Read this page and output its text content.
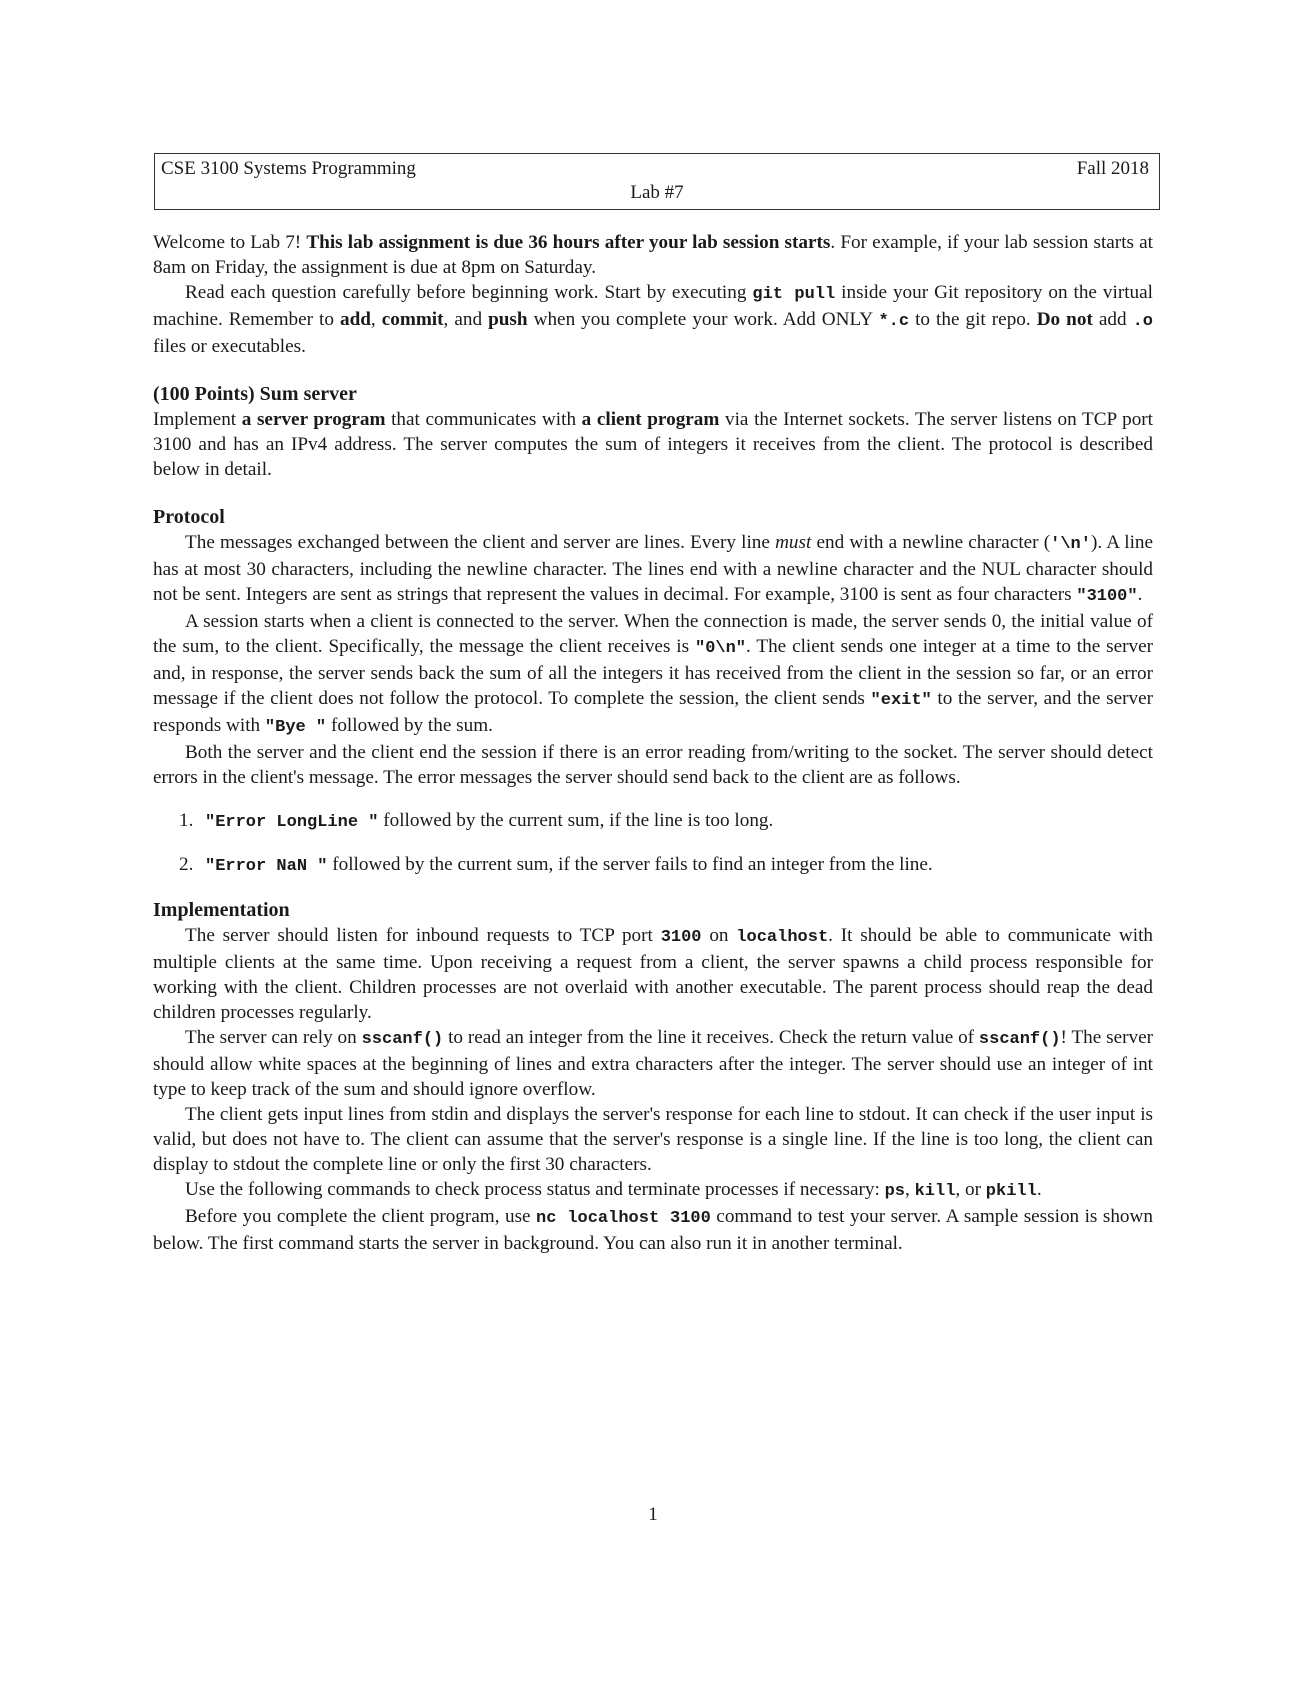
CSE 3100 Systems Programming	Fall 2018
Lab #7

Welcome to Lab 7! This lab assignment is due 36 hours after your lab session starts. For example, if your lab session starts at 8am on Friday, the assignment is due at 8pm on Saturday.

Read each question carefully before beginning work. Start by executing git pull inside your Git repository on the virtual machine. Remember to add, commit, and push when you complete your work. Add ONLY *.c to the git repo. Do not add .o files or executables.

(100 Points) Sum server

Implement a server program that communicates with a client program via the Internet sockets. The server listens on TCP port 3100 and has an IPv4 address. The server computes the sum of integers it receives from the client. The protocol is described below in detail.

Protocol

The messages exchanged between the client and server are lines. Every line must end with a newline character ('\n'). A line has at most 30 characters, including the newline character. The lines end with a newline character and the NUL character should not be sent. Integers are sent as strings that represent the values in decimal. For example, 3100 is sent as four characters "3100".

A session starts when a client is connected to the server. When the connection is made, the server sends 0, the initial value of the sum, to the client. Specifically, the message the client receives is "0\n". The client sends one integer at a time to the server and, in response, the server sends back the sum of all the integers it has received from the client in the session so far, or an error message if the client does not follow the protocol. To complete the session, the client sends "exit" to the server, and the server responds with "Bye " followed by the sum.

Both the server and the client end the session if there is an error reading from/writing to the socket. The server should detect errors in the client's message. The error messages the server should send back to the client are as follows.

1. "Error LongLine " followed by the current sum, if the line is too long.
2. "Error NaN " followed by the current sum, if the server fails to find an integer from the line.
Implementation

The server should listen for inbound requests to TCP port 3100 on localhost. It should be able to communicate with multiple clients at the same time. Upon receiving a request from a client, the server spawns a child process responsible for working with the client. Children processes are not overlaid with another executable. The parent process should reap the dead children processes regularly.

The server can rely on sscanf() to read an integer from the line it receives. Check the return value of sscanf()! The server should allow white spaces at the beginning of lines and extra characters after the integer. The server should use an integer of int type to keep track of the sum and should ignore overflow.

The client gets input lines from stdin and displays the server's response for each line to stdout. It can check if the user input is valid, but does not have to. The client can assume that the server's response is a single line. If the line is too long, the client can display to stdout the complete line or only the first 30 characters.

Use the following commands to check process status and terminate processes if necessary: ps, kill, or pkill.

Before you complete the client program, use nc localhost 3100 command to test your server. A sample session is shown below. The first command starts the server in background. You can also run it in another terminal.

1
